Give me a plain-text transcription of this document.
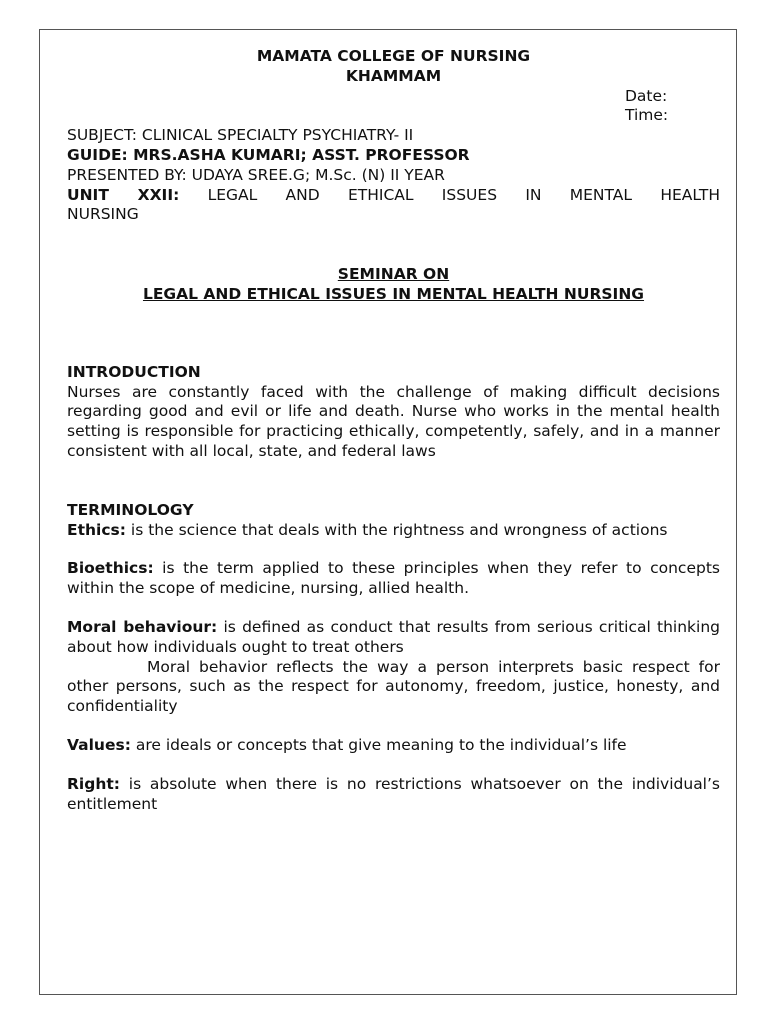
MAMATA COLLEGE OF NURSING
KHAMMAM
Date:
Time:
SUBJECT: CLINICAL SPECIALTY PSYCHIATRY- II
GUIDE: MRS.ASHA KUMARI; ASST. PROFESSOR
PRESENTED BY: UDAYA SREE.G; M.Sc. (N) II YEAR
UNIT XXII: LEGAL AND ETHICAL ISSUES IN MENTAL HEALTH
NURSING
SEMINAR ON
LEGAL AND ETHICAL ISSUES IN MENTAL HEALTH NURSING
INTRODUCTION

Nurses are constantly faced with the challenge of making difficult decisions regarding good and evil or life and death. Nurse who works in the mental health setting is responsible for practicing ethically, competently, safely, and in a manner consistent with all local, state, and federal laws

TERMINOLOGY

Ethics: is the science that deals with the rightness and wrongness of actions

Bioethics: is the term applied to these principles when they refer to concepts within the scope of medicine, nursing, allied health.

Moral behaviour: is defined as conduct that results from serious critical thinking about how individuals ought to treat others

Moral behavior reflects the way a person interprets basic respect for other persons, such as the respect for autonomy, freedom, justice, honesty, and confidentiality

Values: are ideals or concepts that give meaning to the individual’s life

Right: is absolute when there is no restrictions whatsoever on the individual’s entitlement
